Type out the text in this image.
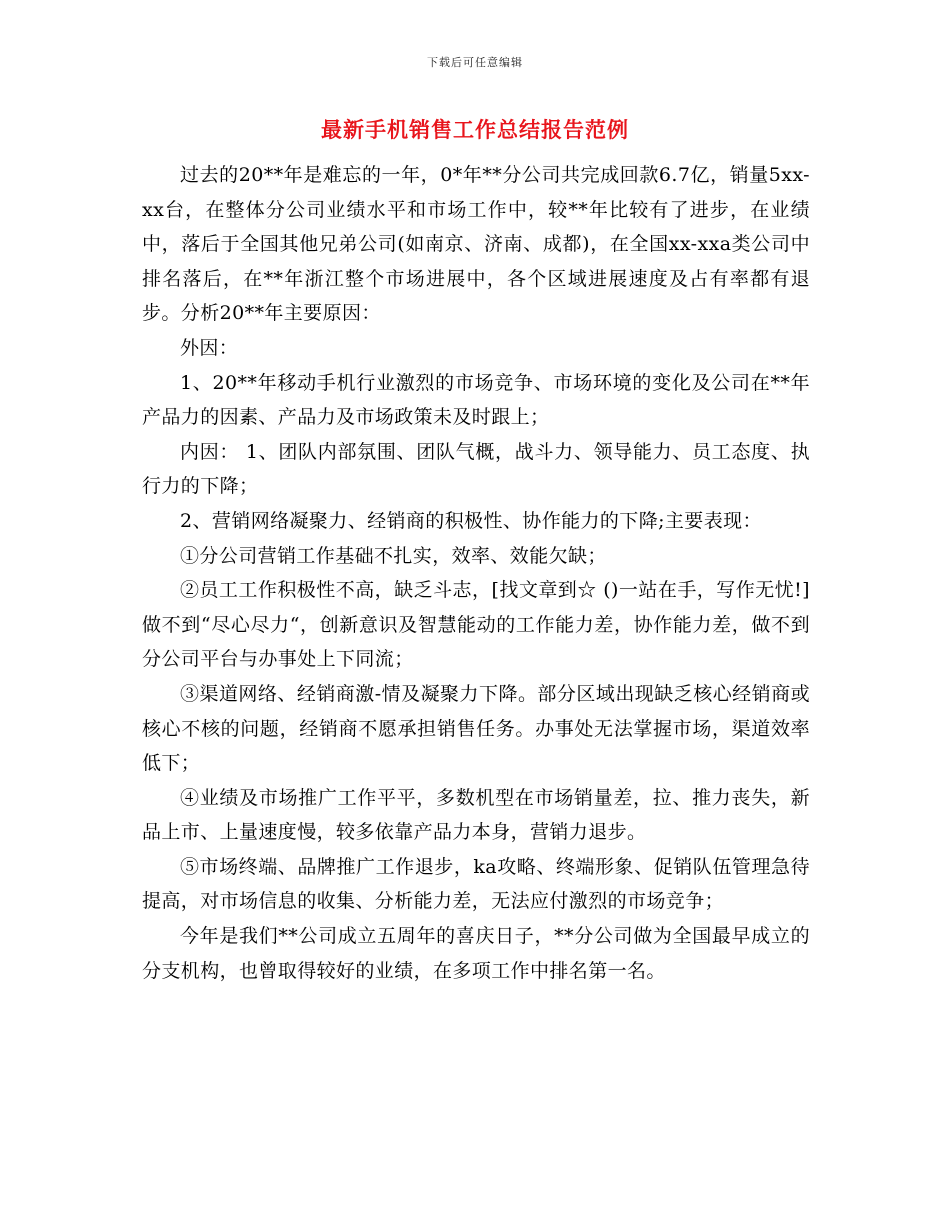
下载后可任意编辑
最新手机销售工作总结报告范例

过去的20**年是难忘的一年，0*年**分公司共完成回款6.7亿，销量5xx-xx台，在整体分公司业绩水平和市场工作中，较**年比较有了进步，在业绩中，落后于全国其他兄弟公司(如南京、济南、成都)，在全国xx-xxa类公司中排名落后，在**年浙江整个市场进展中，各个区域进展速度及占有率都有退步。分析20**年主要原因：

外因：

1、20**年移动手机行业激烈的市场竞争、市场环境的变化及公司在**年产品力的因素、产品力及市场政策未及时跟上；

内因： 1、团队内部氛围、团队气概，战斗力、领导能力、员工态度、执行力的下降；

2、营销网络凝聚力、经销商的积极性、协作能力的下降;主要表现：

①分公司营销工作基础不扎实，效率、效能欠缺；

②员工工作积极性不高，缺乏斗志，[找文章到☆ ()一站在手，写作无忧!]做不到“尽心尽力“，创新意识及智慧能动的工作能力差，协作能力差，做不到分公司平台与办事处上下同流；

③渠道网络、经销商激-情及凝聚力下降。部分区域出现缺乏核心经销商或核心不核的问题，经销商不愿承担销售任务。办事处无法掌握市场，渠道效率低下；

④业绩及市场推广工作平平，多数机型在市场销量差，拉、推力丧失，新品上市、上量速度慢，较多依靠产品力本身，营销力退步。

⑤市场终端、品牌推广工作退步，ka攻略、终端形象、促销队伍管理急待提高，对市场信息的收集、分析能力差，无法应付激烈的市场竞争；

今年是我们**公司成立五周年的喜庆日子，**分公司做为全国最早成立的分支机构，也曾取得较好的业绩，在多项工作中排名第一名。
